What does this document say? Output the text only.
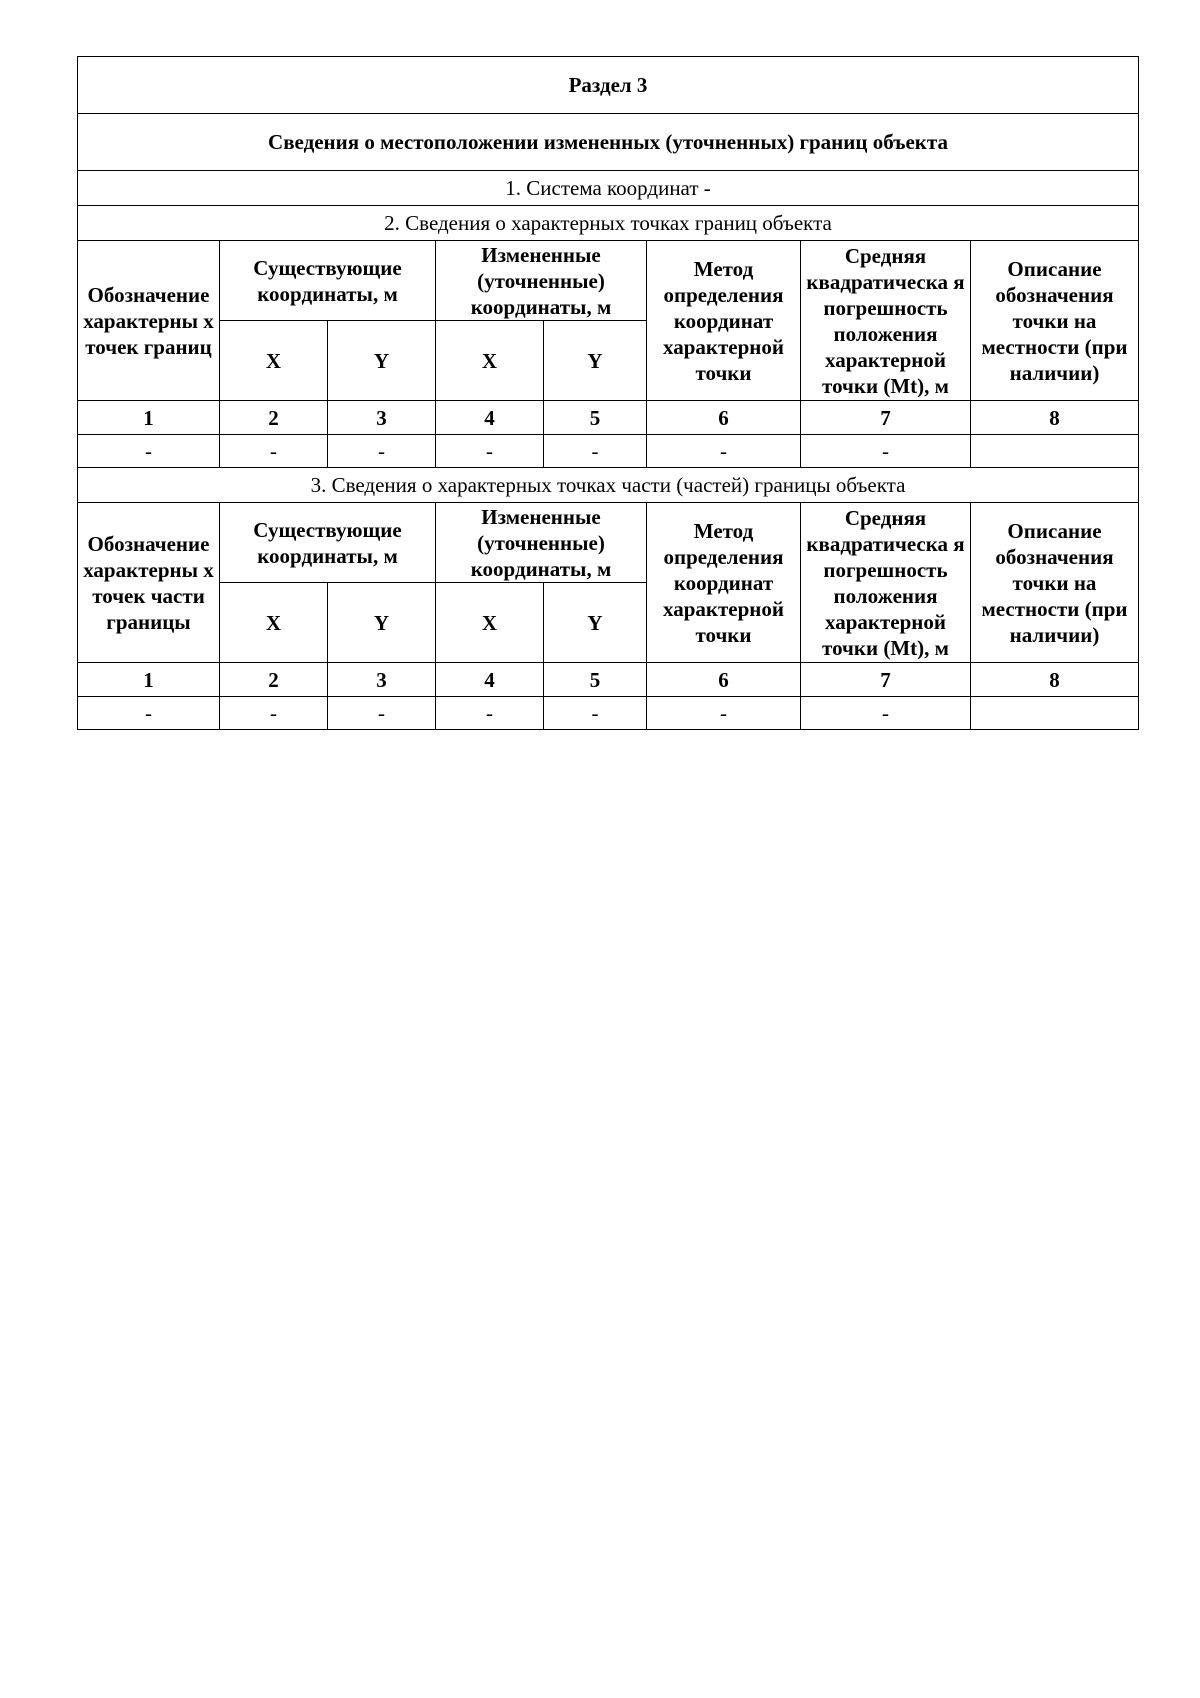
Раздел 3							
Сведения о местоположении измененных (уточненных) границ объекта							
1. Система координат -							
2. Сведения о характерных точках границ объекта							
Обозначение характерны х точек границ	Существующие координаты, м		Измененные (уточненные) координаты, м		Метод определения координат характерной точки	Средняя квадратическа я погрешность положения характерной точки (Mt), м	Описание обозначения точки на местности (при наличии)
	X	Y	X	Y			
1	2	3	4	5	6	7	8
-	-	-	-	-	-	-	
3. Сведения о характерных точках части (частей) границы объекта							
Обозначение характерны х точек части границы	Существующие координаты, м		Измененные (уточненные) координаты, м		Метод определения координат характерной точки	Средняя квадратическа я погрешность положения характерной точки (Mt), м	Описание обозначения точки на местности (при наличии)
	X	Y	X	Y			
1	2	3	4	5	6	7	8
-	-	-	-	-	-	-	
